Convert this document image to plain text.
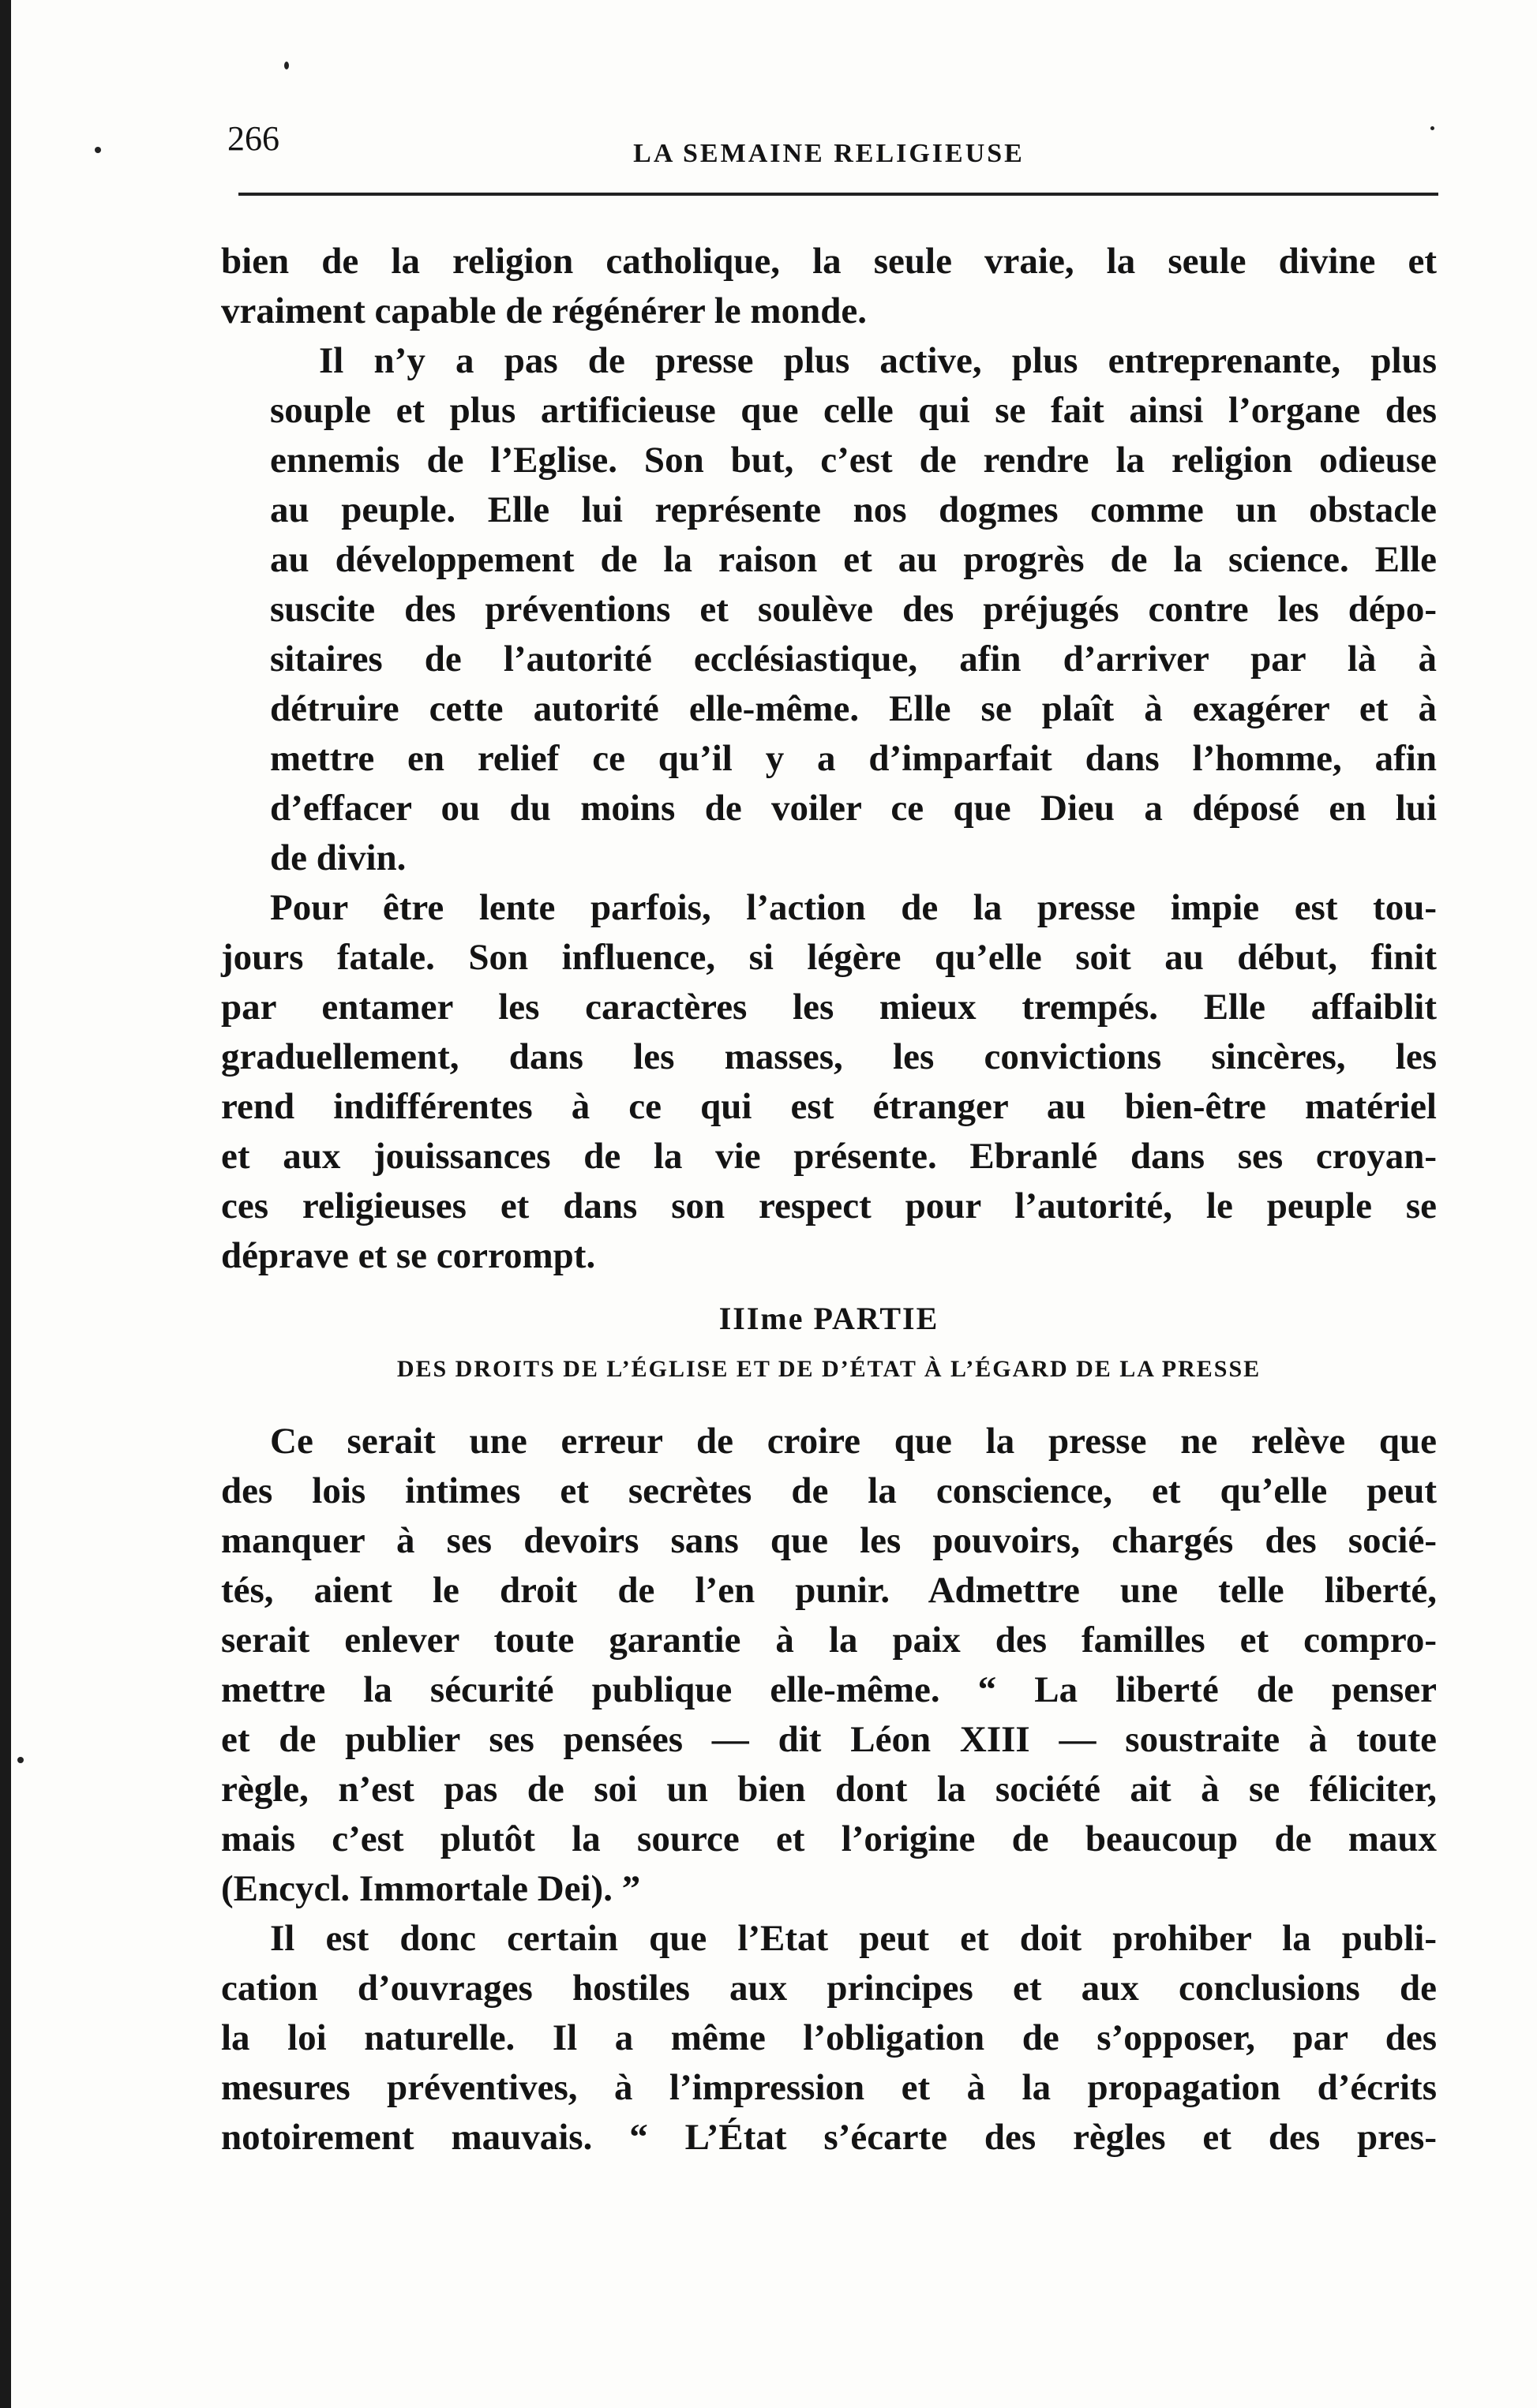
266	LA SEMAINE RELIGIEUSE

bien de la religion catholique, la seule vraie, la seule divine et
vraiment capable de régénérer le monde.

Il n’y a pas de presse plus active, plus entreprenante, plus
souple et plus artificieuse que celle qui se fait ainsi l’organe des
ennemis de l’Eglise. Son but, c’est de rendre la religion odieuse
au peuple. Elle lui représente nos dogmes comme un obstacle
au développement de la raison et au progrès de la science. Elle
suscite des préventions et soulève des préjugés contre les dépo-
sitaires de l’autorité ecclésiastique, afin d’arriver par là à
détruire cette autorité elle-même. Elle se plaît à exagérer et à
mettre en relief ce qu’il y a d’imparfait dans l’homme, afin
d’effacer ou du moins de voiler ce que Dieu a déposé en lui
de divin.

Pour être lente parfois, l’action de la presse impie est tou-
jours fatale. Son influence, si légère qu’elle soit au début, finit
par entamer les caractères les mieux trempés. Elle affaiblit
graduellement, dans les masses, les convictions sincères, les
rend indifférentes à ce qui est étranger au bien-être matériel
et aux jouissances de la vie présente. Ebranlé dans ses croyan-
ces religieuses et dans son respect pour l’autorité, le peuple se
déprave et se corrompt.

IIIme PARTIE
DES DROITS DE L’ÉGLISE ET DE D’ÉTAT À L’ÉGARD DE LA PRESSE

Ce serait une erreur de croire que la presse ne relève que
des lois intimes et secrètes de la conscience, et qu’elle peut
manquer à ses devoirs sans que les pouvoirs, chargés des socié-
tés, aient le droit de l’en punir. Admettre une telle liberté,
serait enlever toute garantie à la paix des familles et compro-
mettre la sécurité publique elle-même. “ La liberté de penser
et de publier ses pensées — dit Léon XIII — soustraite à toute
règle, n’est pas de soi un bien dont la société ait à se féliciter,
mais c’est plutôt la source et l’origine de beaucoup de maux
(Encycl. Immortale Dei). ”

Il est donc certain que l’Etat peut et doit prohiber la publi-
cation d’ouvrages hostiles aux principes et aux conclusions de
la loi naturelle. Il a même l’obligation de s’opposer, par des
mesures préventives, à l’impression et à la propagation d’écrits
notoirement mauvais. “ L’État s’écarte des règles et des pres-
